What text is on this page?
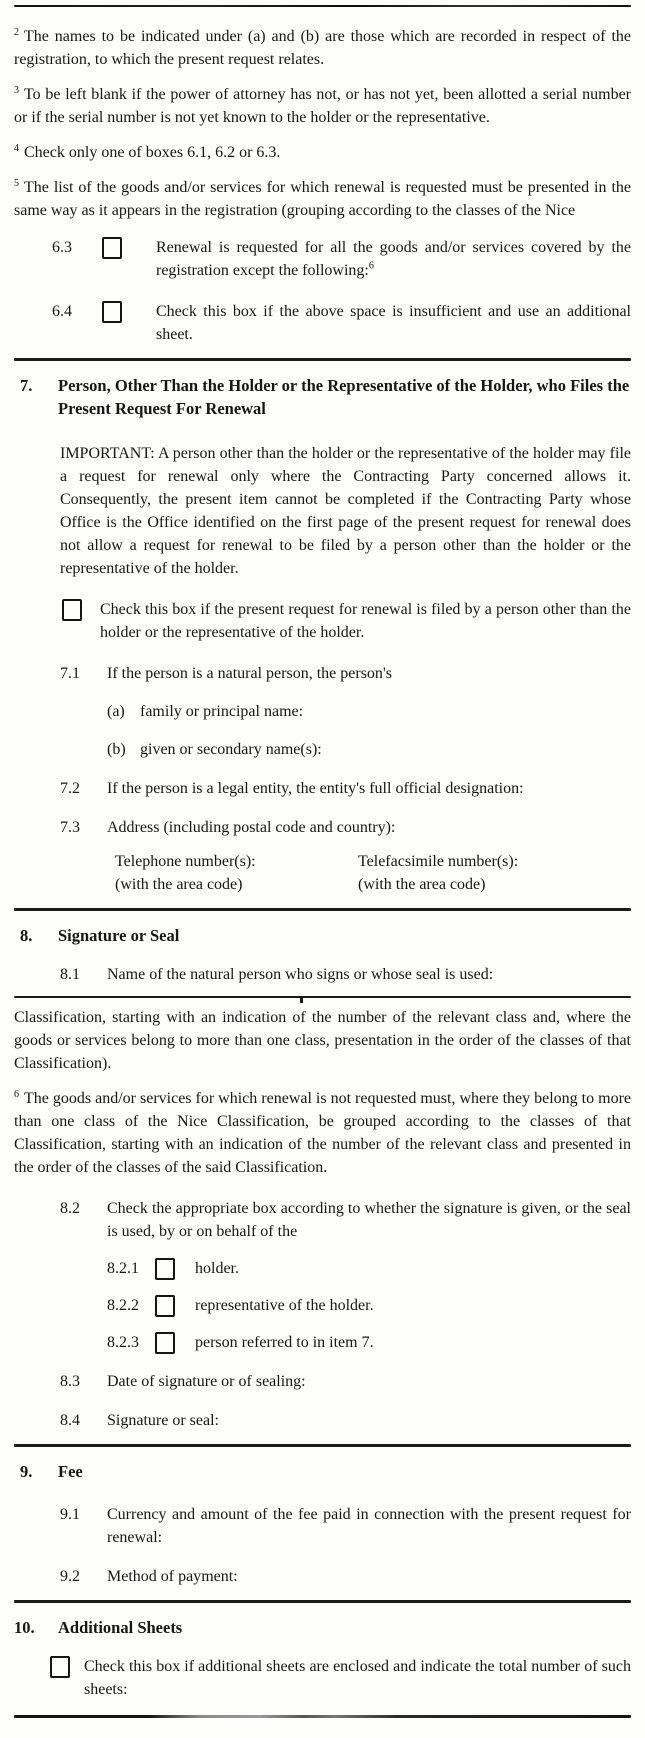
$^2$ The names to be indicated under (a) and (b) are those which are recorded in respect of the registration, to which the present request relates.

$^3$ To be left blank if the power of attorney has not, or has not yet, been allotted a serial number or if the serial number is not yet known to the holder or the representative.

$^4$ Check only one of boxes 6.1, 6.2 or 6.3.

$^5$ The list of the goods and/or services for which renewal is requested must be presented in the same way as it appears in the registration (grouping according to the classes of the Nice

6.3	Renewal is requested for all the goods and/or services covered by the registration except the following:$^6$
6.4	Check this box if the above space is insufficient and use an additional sheet.
7.	Person, Other Than the Holder or the Representative of the Holder, who Files the Present Request For Renewal

IMPORTANT: A person other than the holder or the representative of the holder may file a request for renewal only where the Contracting Party concerned allows it. Consequently, the present item cannot be completed if the Contracting Party whose Office is the Office identified on the first page of the present request for renewal does not allow a request for renewal to be filed by a person other than the holder or the representative of the holder.

Check this box if the present request for renewal is filed by a person other than the holder or the representative of the holder.
7.1	If the person is a natural person, the person's
(a) family or principal name:
(b) given or secondary name(s):
7.2	If the person is a legal entity, the entity's full official designation:
7.3	Address (including postal code and country):
Telephone number(s):
(with the area code)
Telefacsimile number(s):
(with the area code)
8.	Signature or Seal
8.1	Name of the natural person who signs or whose seal is used:

Classification, starting with an indication of the number of the relevant class and, where the goods or services belong to more than one class, presentation in the order of the classes of that Classification).

$^6$ The goods and/or services for which renewal is not requested must, where they belong to more than one class of the Nice Classification, be grouped according to the classes of that Classification, starting with an indication of the number of the relevant class and presented in the order of the classes of the said Classification.

8.2	Check the appropriate box according to whether the signature is given, or the seal is used, by or on behalf of the
8.2.1	holder.
8.2.2	representative of the holder.
8.2.3	person referred to in item 7.
8.3	Date of signature or of sealing:
8.4	Signature or seal:
9.	Fee
9.1	Currency and amount of the fee paid in connection with the present request for renewal:
9.2	Method of payment:
10.	Additional Sheets
Check this box if additional sheets are enclosed and indicate the total number of such sheets:
